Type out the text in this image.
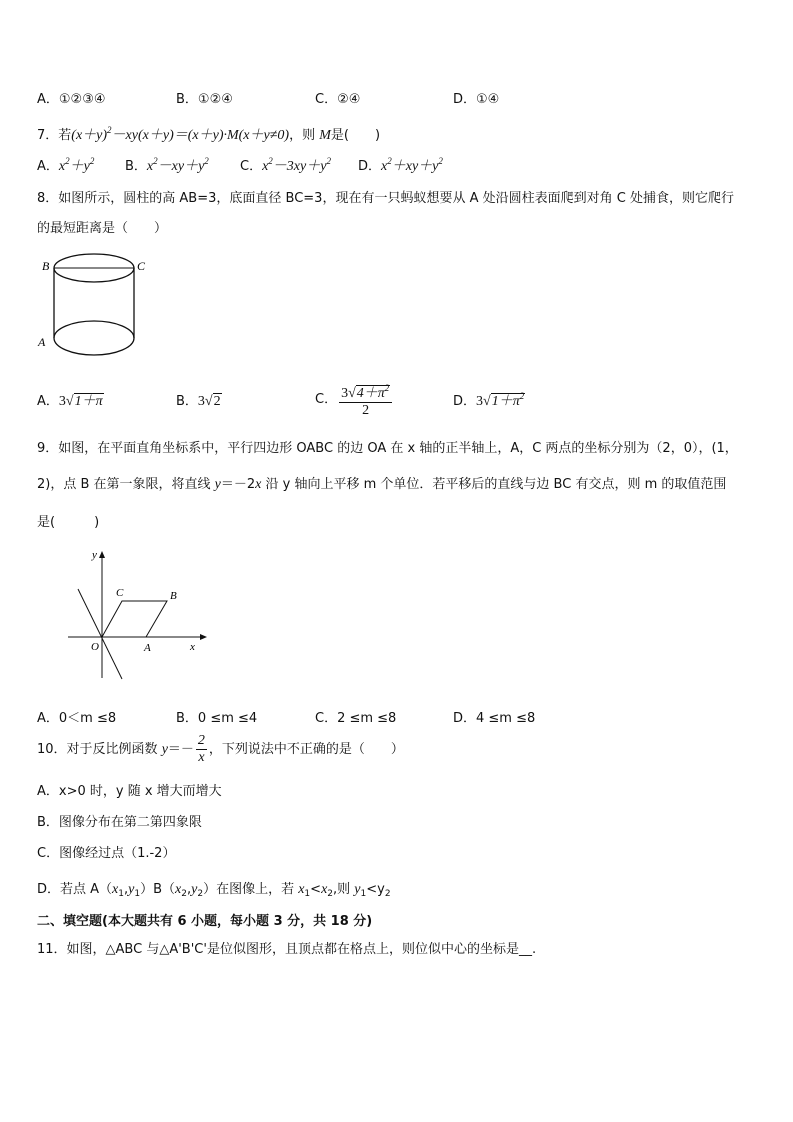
A．①②③④	B．①②④	C．②④	D．①④
7．若$(x+y)^2-xy(x+y)=(x+y)\cdot M(x+y\ne 0)$，则 M是(　　)
A．$x^2+y^2$ B．$x^2-xy+y^2$ C．$x^2-3xy+y^2$ D．$x^2+xy+y^2$
8．如图所示，圆柱的高 AB=3，底面直径 BC=3，现在有一只蚂蚁想要从 A 处沿圆柱表面爬到对角 C 处捕食，则它爬行
的最短距离是（　　）
B	C
A
A．3√1＋π	B．3√2	C． $\frac{3√4+\pi^2}{2}$	D．$3√1+\pi^2$
9．如图，在平面直角坐标系中，平行四边形 OABC 的边 OA 在 x 轴的正半轴上，A，C 两点的坐标分别为（2，0），(1，
2)，点 B 在第一象限，将直线 y＝－2x 沿 y 轴向上平移 m 个单位．若平移后的直线与边 BC 有交点，则 m 的取值范围
是(　　　)
y
x
O	A
B
C
A．0＜m ≤8	B．0 ≤m ≤4	C．2 ≤m ≤8	D．4 ≤m ≤8
10．对于反比例函数 $y=- \frac{2}{x}$ ，下列说法中不正确的是（　　）
A．x>0 时，y 随 x 增大而增大
B．图像分布在第二第四象限
C．图像经过点（1.-2）
D．若点 $A(x_1,y_1)B(x_2,y_2)$在图像上，若 $x_1<x_2$,则 $y_1<y_2$
二、填空题(本大题共有 6 小题，每小题 3 分，共 18 分)
11．如图，△ABC 与△A'B'C'是位似图形，且顶点都在格点上，则位似中心的坐标是__.
